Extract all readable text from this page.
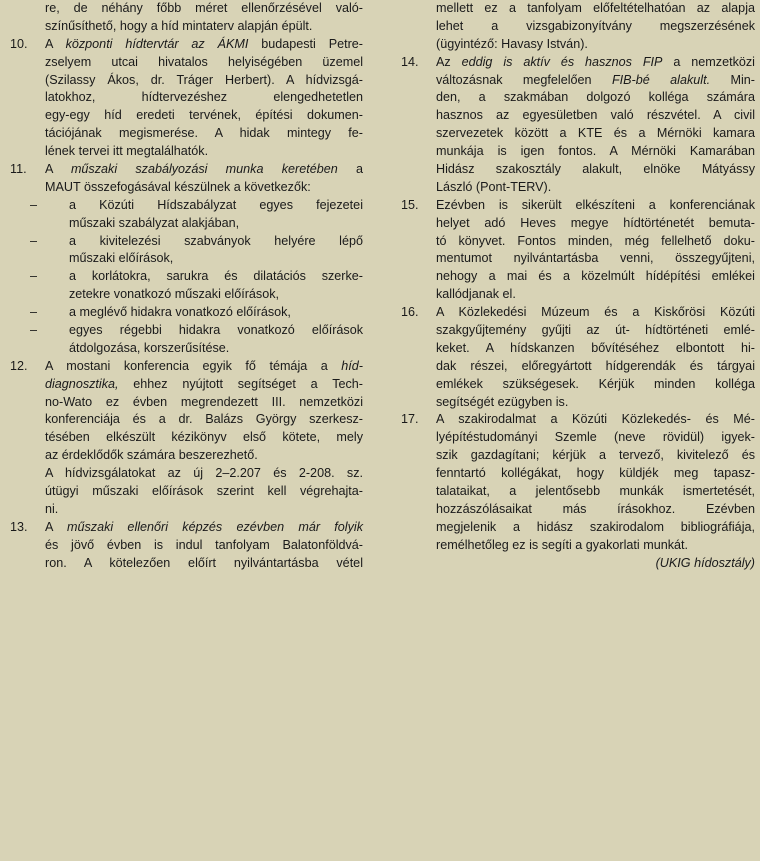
re, de néhány főbb méret ellenőrzésével való-
színűsíthető, hogy a híd mintaterv alapján épült.
10.	A központi hídtervtár az ÁKMI budapesti Petre-
zselyem utcai hivatalos helyiségében üzemel
(Szilassy Ákos, dr. Tráger Herbert). A hídvizsgá-
latokhoz, hídtervezéshez elengedhetetlen
egy-egy híd eredeti tervének, építési dokumen-
tációjának megismerése. A hidak mintegy fe-
lének tervei itt megtalálhatók.
11.	A műszaki szabályozási munka keretében a
MAUT összefogásával készülnek a következők:
–	a Közúti Hídszabályzat egyes fejezetei
műszaki szabályzat alakjában,
–	a kivitelezési szabványok helyére lépő
műszaki előírások,
–	a korlátokra, sarukra és dilatációs szerke-
zetekre vonatkozó műszaki előírások,
–	a meglévő hidakra vonatkozó előírások,
–	egyes régebbi hidakra vonatkozó előírások
átdolgozása, korszerűsítése.
12.	A mostani konferencia egyik fő témája a híd-
diagnosztika, ehhez nyújtott segítséget a Tech-
no-Wato ez évben megrendezett III. nemzetközi
konferenciája és a dr. Balázs György szerkesz-
tésében elkészült kézikönyv első kötete, mely
az érdeklődők számára beszerezhető.
A hídvizsgálatokat az új 2–2.207 és 2-208. sz.
útügyi műszaki előírások szerint kell végrehajta-
ni.
13.	A műszaki ellenőri képzés ezévben már folyik
és jövő évben is indul tanfolyam Balatonföldvá-
ron. A kötelezően előírt nyilvántartásba vétel
mellett ez a tanfolyam előfeltételhatóan az alapja
lehet a vizsgabizonyítvány megszerzésének
(ügyintéző: Havasy István).
14.	Az eddig is aktív és hasznos FIP a nemzetközi
változásnak megfelelően FIB-bé alakult. Min-
den, a szakmában dolgozó kolléga számára
hasznos az egyesületben való részvétel. A civil
szervezetek között a KTE és a Mérnöki kamara
munkája is igen fontos. A Mérnöki Kamarában
Hidász szakosztály alakult, elnöke Mátyássy
László (Pont-TERV).
15.	Ezévben is sikerült elkészíteni a konferenciának
helyet adó Heves megye hídtörténetét bemuta-
tó könyvet. Fontos minden, még fellelhető doku-
mentumot nyilvántartásba venni, összegyűjteni,
nehogy a mai és a közelmúlt hídépítési emlékei
kallódjanak el.
16.	A Közlekedési Múzeum és a Kiskőrösi Közúti
szakgyűjtemény gyűjti az út- hídtörténeti emlé-
keket. A hídskanzen bővítéséhez elbontott hi-
dak részei, előregyártott hídgerendák és tárgyai
emlékek szükségesek. Kérjük minden kolléga
segítségét ezügyben is.
17.	A szakirodalmat a Közúti Közlekedés- és Mé-
lyépítéstudományi Szemle (neve rövidül) igyek-
szik gazdagítani; kérjük a tervező, kivitelező és
fenntartó kollégákat, hogy küldjék meg tapasz-
talataikat, a jelentősebb munkák ismertetését,
hozzászólásaikat más írásokhoz. Ezévben
megjelenik a hidász szakirodalom bibliográfiája,
remélhetőleg ez is segíti a gyakorlati munkát.
(UKIG hídosztály)
